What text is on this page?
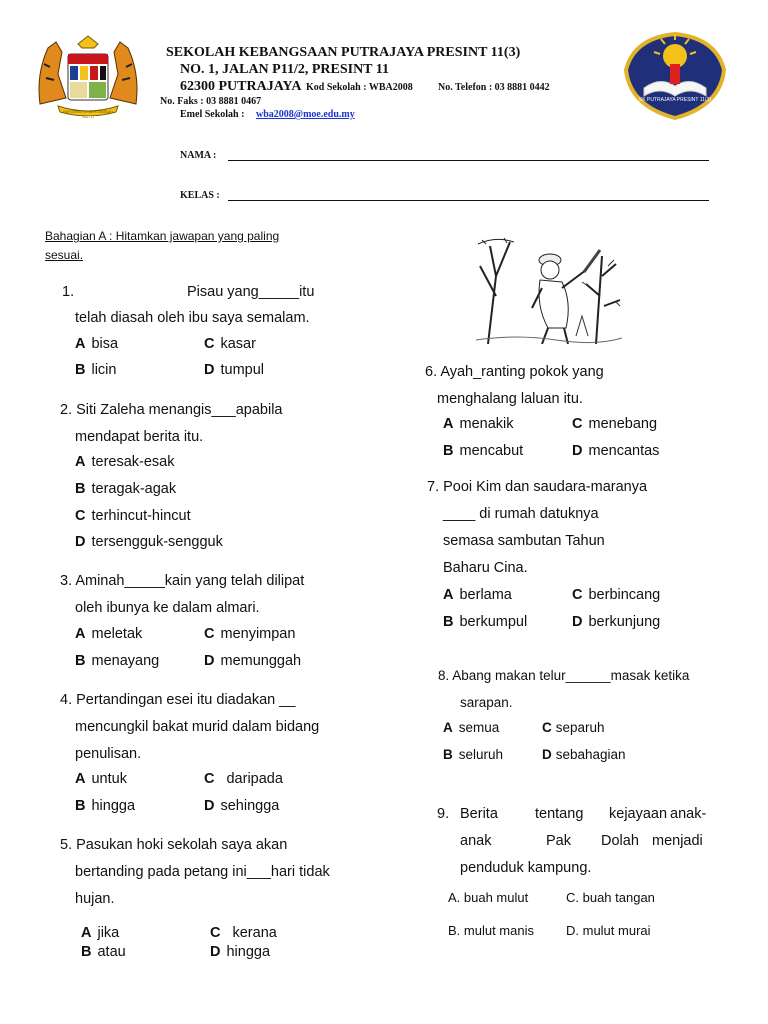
BERSEKUTU BERTAMBAH MUTU
SK PUTRAJAYA PRESINT 11(3)
SEKOLAH KEBANGSAAN PUTRAJAYA PRESINT 11(3)
NO. 1, JALAN P11/2, PRESINT 11
62300 PUTRAJAYA Kod Sekolah : WBA2008	No. Telefon : 03 8881 0442
No. Faks : 03 8881 0467
Emel Sekolah : wba2008@moe.edu.my
NAMA :
KELAS :
Bahagian A : Hitamkan jawapan yang paling
sesuai.
1.	Pisau yang_____itu
telah diasah oleh ibu saya semalam.
A bisa	C kasar
B licin	D tumpul
2. Siti Zaleha menangis___apabila
mendapat berita itu.
A teresak-esak
B teragak-agak
C terhincut-hincut
D tersengguk-sengguk
3. Aminah_____kain yang telah dilipat
oleh ibunya ke dalam almari.
A meletak	C menyimpan
B menayang	D memunggah
4. Pertandingan esei itu diadakan __
mencungkil bakat murid dalam bidang
penulisan.
A untuk	C daripada
B hingga	D sehingga
5. Pasukan hoki sekolah saya akan
bertanding pada petang ini___hari tidak
hujan.
A jika	C kerana
B atau	D hingga
6. Ayah_ranting pokok yang
menghalang laluan itu.
A menakik	C menebang
B mencabut	D mencantas
7. Pooi Kim dan saudara-maranya
____ di rumah datuknya
semasa sambutan Tahun
Baharu Cina.
A berlama	C berbincang
B berkumpul	D berkunjung
8. Abang makan telur______masak ketika
sarapan.
A semua	C separuh
B seluruh	D sebahagian
9. Berita	tentang kejayaan anak-
anak	Pak Dolah menjadi
penduduk kampung.
A. buah mulut	C. buah tangan
B. mulut manis D. mulut murai
